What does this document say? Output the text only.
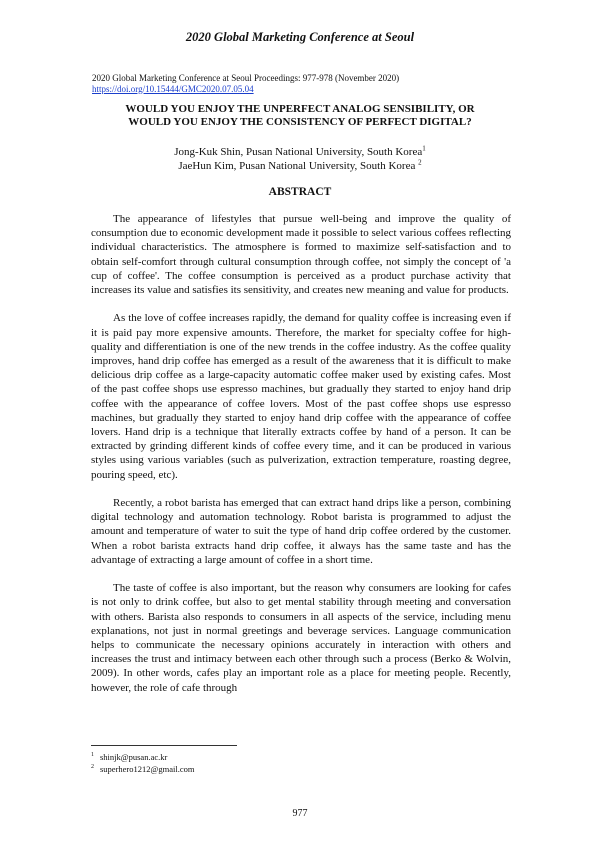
2020 Global Marketing Conference at Seoul
2020 Global Marketing Conference at Seoul Proceedings: 977-978 (November 2020)
https://doi.org/10.15444/GMC2020.07.05.04
WOULD YOU ENJOY THE UNPERFECT ANALOG SENSIBILITY, OR
WOULD YOU ENJOY THE CONSISTENCY OF PERFECT DIGITAL?
Jong-Kuk Shin, Pusan National University, South Korea$^1$
JaeHun Kim, Pusan National University, South Korea $^2$
ABSTRACT

The appearance of lifestyles that pursue well-being and improve the quality of consumption due to economic development made it possible to select various coffees reflecting individual characteristics. The atmosphere is formed to maximize self-satisfaction and to obtain self-comfort through cultural consumption through coffee, not simply the concept of 'a cup of coffee'. The coffee consumption is perceived as a product purchase activity that increases its value and satisfies its sensitivity, and creates new meaning and value for products.

As the love of coffee increases rapidly, the demand for quality coffee is increasing even if it is paid pay more expensive amounts. Therefore, the market for specialty coffee for high-quality and differentiation is one of the new trends in the coffee industry. As the coffee quality improves, hand drip coffee has emerged as a result of the awareness that it is difficult to make delicious drip coffee as a large-capacity automatic coffee maker used by existing cafes. Most of the past coffee shops use espresso machines, but gradually they started to enjoy hand drip coffee with the appearance of coffee lovers. Most of the past coffee shops use espresso machines, but gradually they started to enjoy hand drip coffee with the appearance of coffee lovers. Hand drip is a technique that literally extracts coffee by hand of a person. It can be extracted by grinding different kinds of coffee every time, and it can be produced in various styles using various variables (such as pulverization, extraction temperature, roasting degree, pouring speed, etc).

Recently, a robot barista has emerged that can extract hand drips like a person, combining digital technology and automation technology. Robot barista is programmed to adjust the amount and temperature of water to suit the type of hand drip coffee ordered by the customer. When a robot barista extracts hand drip coffee, it always has the same taste and has the advantage of extracting a large amount of coffee in a short time.

The taste of coffee is also important, but the reason why consumers are looking for cafes is not only to drink coffee, but also to get mental stability through meeting and conversation with others. Barista also responds to consumers in all aspects of the service, including menu explanations, not just in normal greetings and beverage services. Language communication helps to communicate the necessary opinions accurately in interaction with others and increases the trust and intimacy between each other through such a process (Berko & Wolvin, 2009). In other words, cafes play an important role as a place for meeting people. Recently, however, the role of cafe through

$^1$ shinjk@pusan.ac.kr
$^2$ superhero1212@gmail.com
977
